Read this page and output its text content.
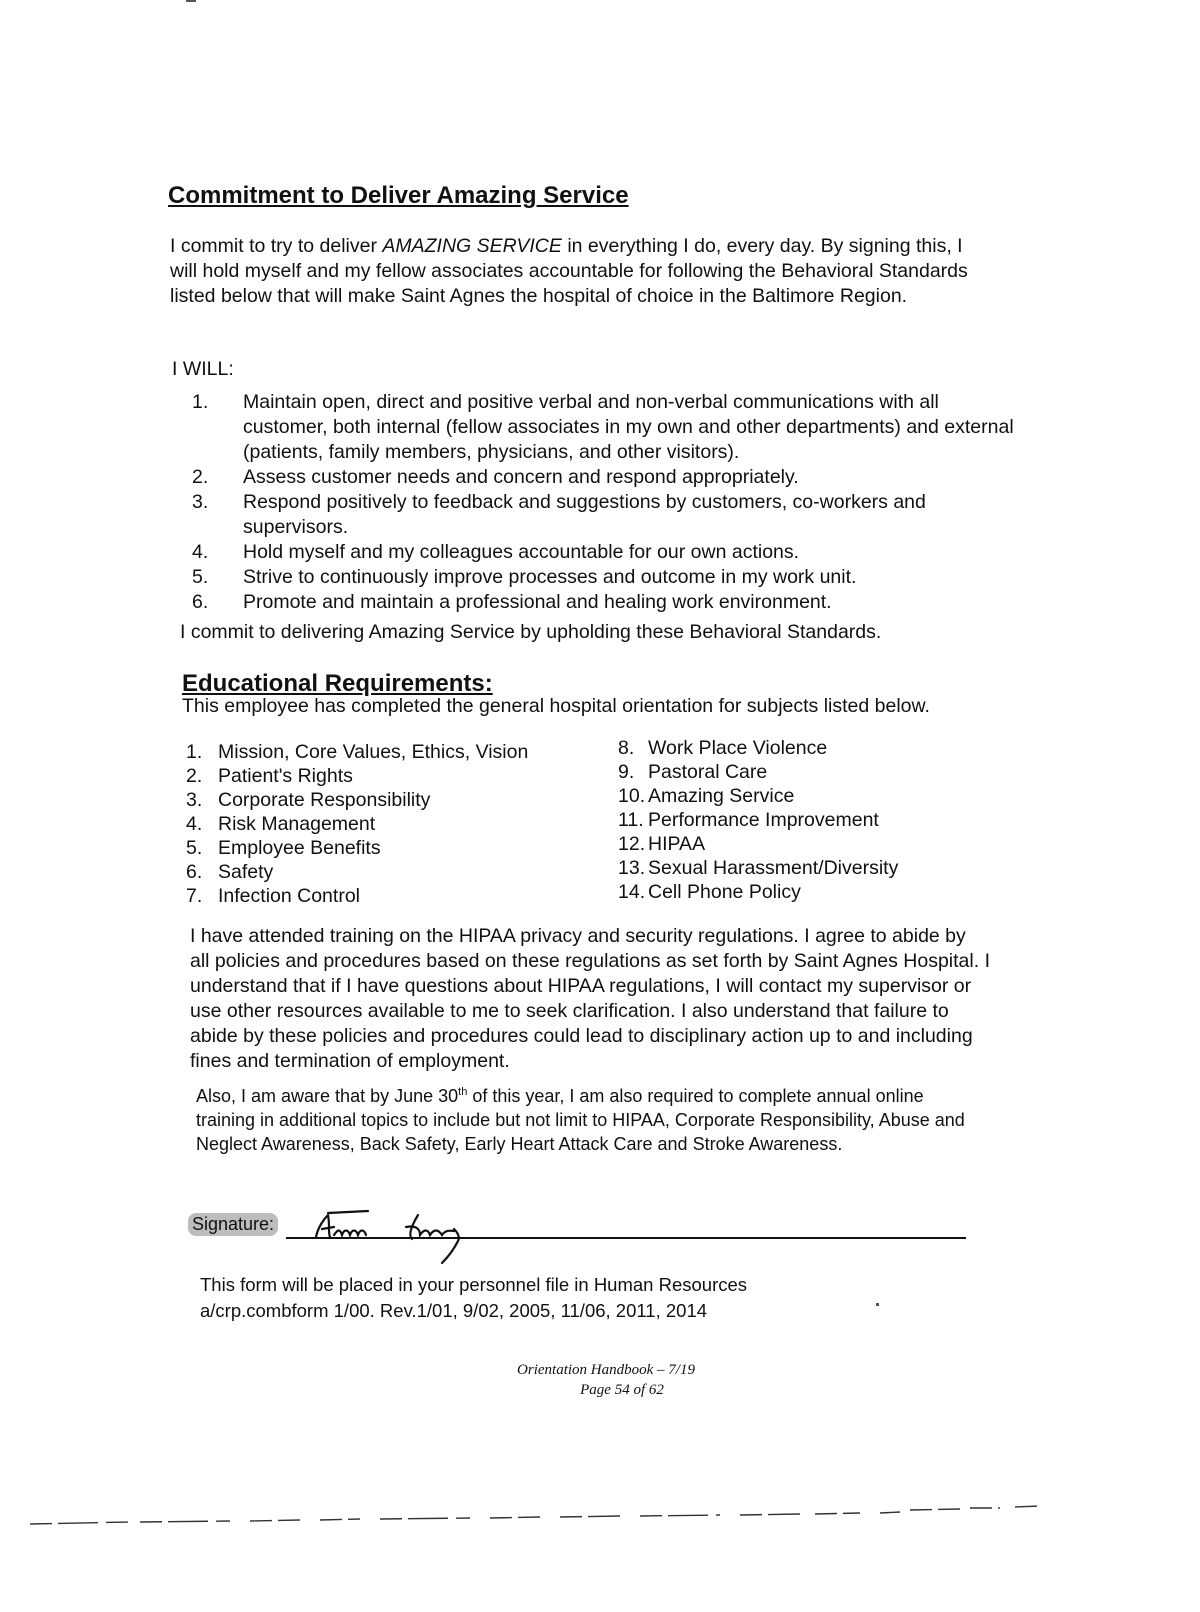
Commitment to Deliver Amazing Service

I commit to try to deliver AMAZING SERVICE in everything I do, every day. By signing this, I will hold myself and my fellow associates accountable for following the Behavioral Standards listed below that will make Saint Agnes the hospital of choice in the Baltimore Region.

I WILL:

1. Maintain open, direct and positive verbal and non-verbal communications with all customer, both internal (fellow associates in my own and other departments) and external (patients, family members, physicians, and other visitors).
2. Assess customer needs and concern and respond appropriately.
3. Respond positively to feedback and suggestions by customers, co-workers and supervisors.
4. Hold myself and my colleagues accountable for our own actions.
5. Strive to continuously improve processes and outcome in my work unit.
6. Promote and maintain a professional and healing work environment.

I commit to delivering Amazing Service by upholding these Behavioral Standards.

Educational Requirements:

This employee has completed the general hospital orientation for subjects listed below.

1. Mission, Core Values, Ethics, Vision
2. Patient's Rights
3. Corporate Responsibility
4. Risk Management
5. Employee Benefits
6. Safety
7. Infection Control
8. Work Place Violence
9. Pastoral Care
10. Amazing Service
11. Performance Improvement
12. HIPAA
13. Sexual Harassment/Diversity
14. Cell Phone Policy

I have attended training on the HIPAA privacy and security regulations. I agree to abide by all policies and procedures based on these regulations as set forth by Saint Agnes Hospital. I understand that if I have questions about HIPAA regulations, I will contact my supervisor or use other resources available to me to seek clarification. I also understand that failure to abide by these policies and procedures could lead to disciplinary action up to and including fines and termination of employment.

Also, I am aware that by June 30th of this year, I am also required to complete annual online training in additional topics to include but not limit to HIPAA, Corporate Responsibility, Abuse and Neglect Awareness, Back Safety, Early Heart Attack Care and Stroke Awareness.

Signature:

This form will be placed in your personnel file in Human Resources

a/crp.combform 1/00. Rev.1/01, 9/02, 2005, 11/06, 2011, 2014

Orientation Handbook – 7/19

Page 54 of 62
